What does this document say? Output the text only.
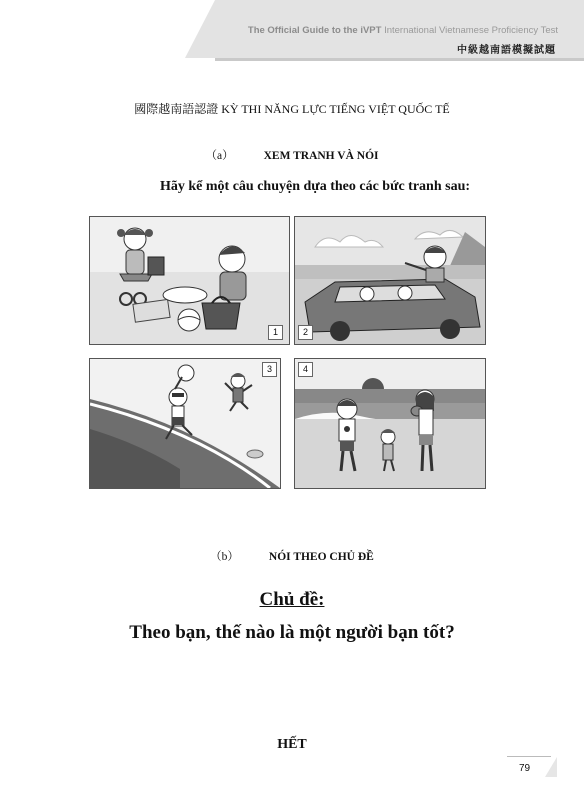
The Official Guide to the iVPT International Vietnamese Proficiency Test
中級越南語模擬試題
國際越南語認證 KỲ THI NĂNG LỰC TIẾNG VIỆT QUỐC TẾ
（a）	XEM TRANH VÀ NÓI
Hãy kể một câu chuyện dựa theo các bức tranh sau:
1	2
3	4
（b）	NÓI THEO CHỦ ĐỀ
Chủ đề:
Theo bạn, thế nào là một người bạn tốt?
HẾT
79
